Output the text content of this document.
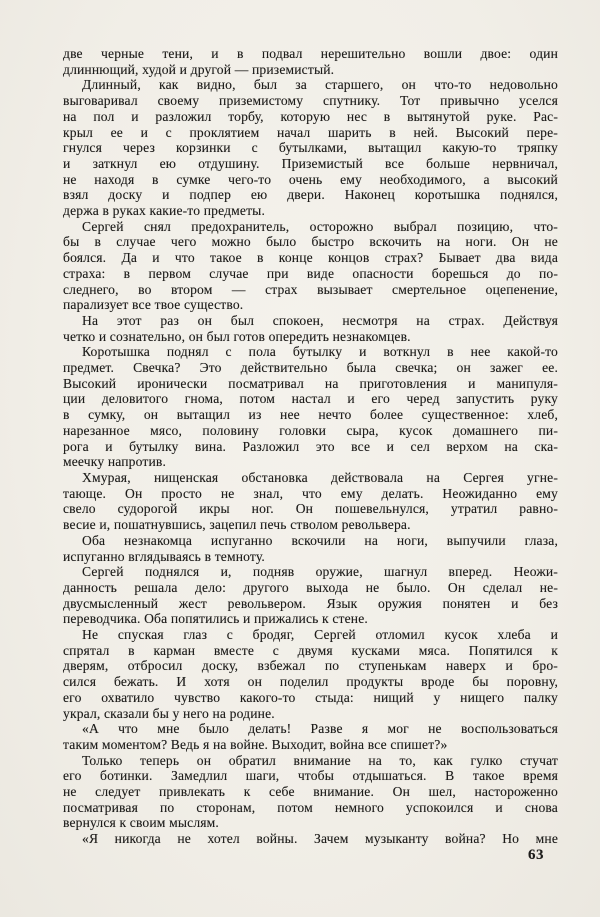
две черные тени, и в подвал нерешительно вошли двое: один
длиннющий, худой и другой — приземистый.
Длинный, как видно, был за старшего, он что-то недовольно
выговаривал своему приземистому спутнику. Тот привычно уселся
на пол и разложил торбу, которую нес в вытянутой руке. Рас-
крыл ее и с проклятием начал шарить в ней. Высокий пере-
гнулся через корзинки с бутылками, вытащил какую-то тряпку
и заткнул ею отдушину. Приземистый все больше нервничал,
не находя в сумке чего-то очень ему необходимого, а высокий
взял доску и подпер ею двери. Наконец коротышка поднялся,
держа в руках какие-то предметы.
Сергей снял предохранитель, осторожно выбрал позицию, что-
бы в случае чего можно было быстро вскочить на ноги. Он не
боялся. Да и что такое в конце концов страх? Бывает два вида
страха: в первом случае при виде опасности борешься до по-
следнего, во втором — страх вызывает смертельное оцепенение,
парализует все твое существо.
На этот раз он был спокоен, несмотря на страх. Действуя
четко и сознательно, он был готов опередить незнакомцев.
Коротышка поднял с пола бутылку и воткнул в нее какой-то
предмет. Свечка? Это действительно была свечка; он зажег ее.
Высокий иронически посматривал на приготовления и манипуля-
ции деловитого гнома, потом настал и его черед запустить руку
в сумку, он вытащил из нее нечто более существенное: хлеб,
нарезанное мясо, половину головки сыра, кусок домашнего пи-
рога и бутылку вина. Разложил это все и сел верхом на ска-
меечку напротив.
Хмурая, нищенская обстановка действовала на Сергея угне-
тающе. Он просто не знал, что ему делать. Неожиданно ему
свело судорогой икры ног. Он пошевельнулся, утратил равно-
весие и, пошатнувшись, зацепил печь стволом револьвера.
Оба незнакомца испуганно вскочили на ноги, выпучили глаза,
испуганно вглядываясь в темноту.
Сергей поднялся и, подняв оружие, шагнул вперед. Неожи-
данность решала дело: другого выхода не было. Он сделал не-
двусмысленный жест револьвером. Язык оружия понятен и без
переводчика. Оба попятились и прижались к стене.
Не спуская глаз с бродяг, Сергей отломил кусок хлеба и
спрятал в карман вместе с двумя кусками мяса. Попятился к
дверям, отбросил доску, взбежал по ступенькам наверх и бро-
сился бежать. И хотя он поделил продукты вроде бы поровну,
его охватило чувство какого-то стыда: нищий у нищего палку
украл, сказали бы у него на родине.
«А что мне было делать! Разве я мог не воспользоваться
таким моментом? Ведь я на войне. Выходит, война все спишет?»
Только теперь он обратил внимание на то, как гулко стучат
его ботинки. Замедлил шаги, чтобы отдышаться. В такое время
не следует привлекать к себе внимание. Он шел, настороженно
посматривая по сторонам, потом немного успокоился и снова
вернулся к своим мыслям.
«Я никогда не хотел войны. Зачем музыканту война? Но мне
63
